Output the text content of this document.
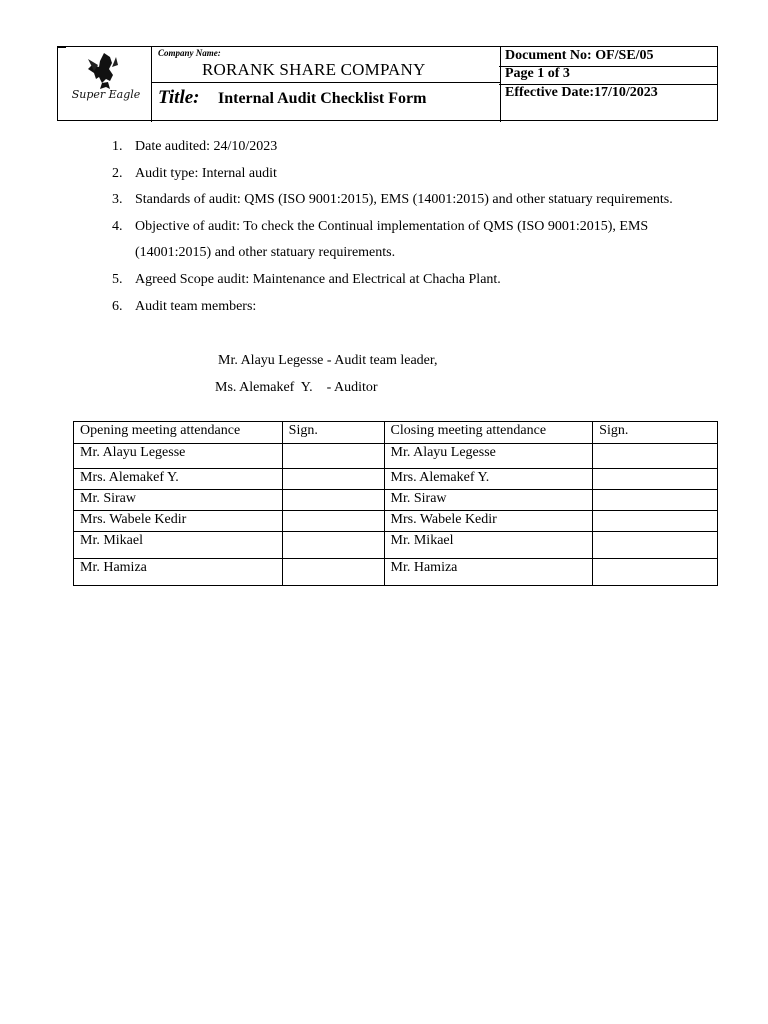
Super Eagle
Company Name:
RORANK SHARE COMPANY
Title: Internal Audit Checklist Form
Document No: OF/SE/05
Page 1 of 3
Effective Date:17/10/2023
1. Date audited: 24/10/2023
2. Audit type: Internal audit
3. Standards of audit: QMS (ISO 9001:2015), EMS (14001:2015) and other statuary requirements.
4. Objective of audit: To check the Continual implementation of QMS (ISO 9001:2015), EMS (14001:2015) and other statuary requirements.
5. Agreed Scope audit: Maintenance and Electrical at Chacha Plant.
6. Audit team members:
Mr. Alayu Legesse - Audit team leader,
Ms. Alemakef  Y.    - Auditor
Opening meeting attendance	Sign.	Closing meeting attendance	Sign.
Mr. Alayu Legesse		Mr. Alayu Legesse	
Mrs. Alemakef Y.		Mrs. Alemakef Y.	
Mr. Siraw		Mr. Siraw	
Mrs. Wabele Kedir		Mrs. Wabele Kedir	
Mr. Mikael		Mr. Mikael	
Mr. Hamiza		Mr. Hamiza	
